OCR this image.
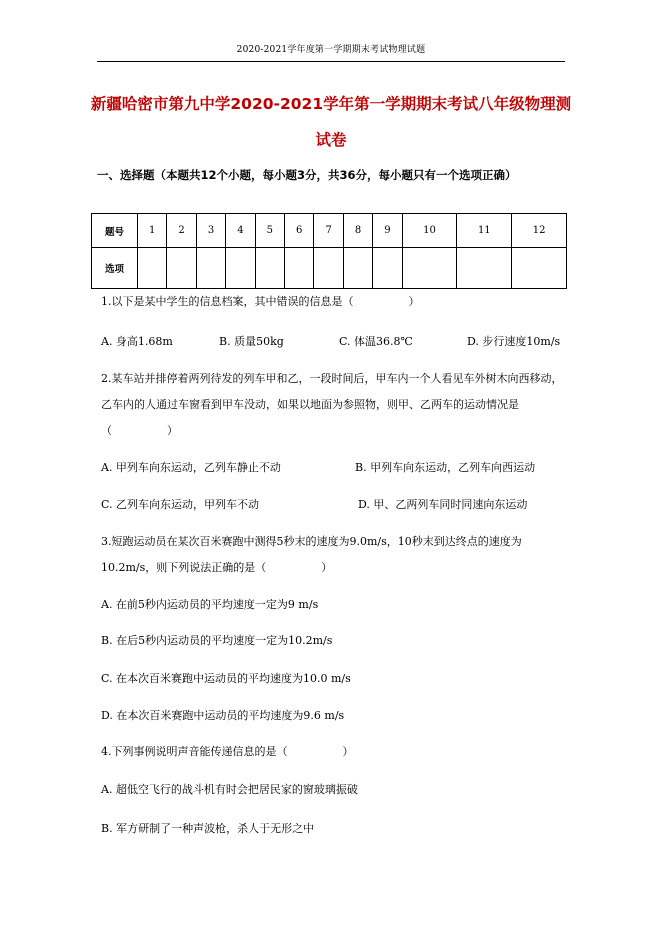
2020-2021学年度第一学期期末考试物理试题
新疆哈密市第九中学2020-2021学年第一学期期末考试八年级物理测试卷
一、选择题（本题共12个小题，每小题3分，共36分，每小题只有一个选项正确）
题号	1	2	3	4	5	6	7	8	9	10	11	12
选项												
1.以下是某中学生的信息档案，其中错误的信息是（　　　　　）
A. 身高1.68m	B. 质量50kg	C. 体温36.8℃	D. 步行速度10m/s

2.某车站并排停着两列待发的列车甲和乙，一段时间后，甲车内一个人看见车外树木向西移动，乙车内的人通过车窗看到甲车没动，如果以地面为参照物，则甲、乙两车的运动情况是（　　　　　）

A. 甲列车向东运动，乙列车静止不动	B. 甲列车向东运动，乙列车向西运动
C. 乙列车向东运动，甲列车不动	D. 甲、乙两列车同时同速向东运动

3.短跑运动员在某次百米赛跑中测得5秒末的速度为9.0m/s，10秒末到达终点的速度为10.2m/s，则下列说法正确的是（　　　　　）

A. 在前5秒内运动员的平均速度一定为9 m/s
B. 在后5秒内运动员的平均速度一定为10.2m/s
C. 在本次百米赛跑中运动员的平均速度为10.0 m/s
D. 在本次百米赛跑中运动员的平均速度为9.6 m/s
4.下列事例说明声音能传递信息的是（　　　　　）
A. 超低空飞行的战斗机有时会把居民家的窗玻璃振破
B. 军方研制了一种声波枪，杀人于无形之中
